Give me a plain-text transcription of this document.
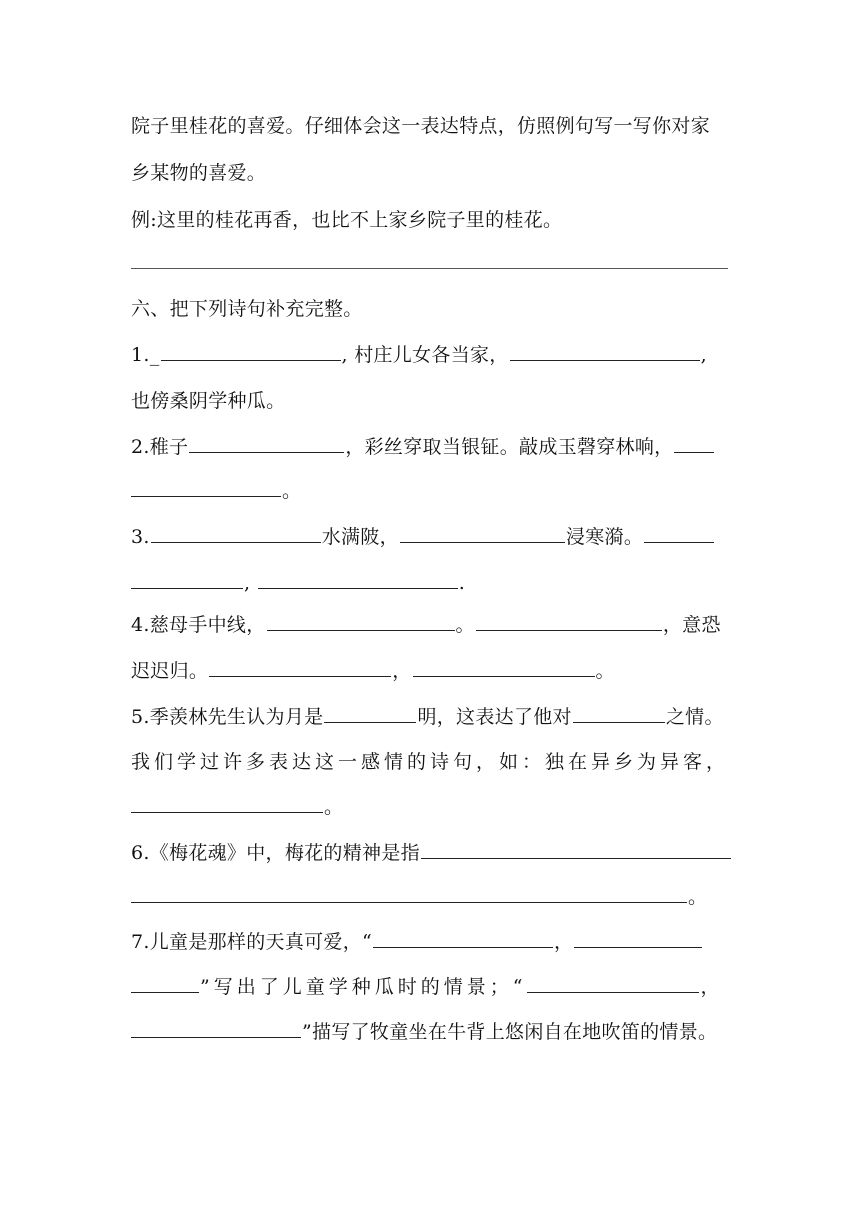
院子里桂花的喜爱。仔细体会这一表达特点，仿照例句写一写你对家
乡某物的喜爱。
例:这里的桂花再香，也比不上家乡院子里的桂花。
六、把下列诗句补充完整。
1._	, 村庄儿女各当家，	,
也傍桑阴学种瓜。
2.稚子	，彩丝穿取当银钲。敲成玉磬穿林响，
。
3.	水满陂，	浸寒漪。
,	.
4.慈母手中线，	。	，意恐
迟迟归。	，	。
5.季羡林先生认为月是	明，这表达了他对	之情。
我们学过许多表达这一感情的诗句，如：独在异乡为异客，
。
6.《梅花魂》中，梅花的精神是指
。
7.儿童是那样的天真可爱，“	，
”写出了儿童学种瓜时的情景；“	，
”描写了牧童坐在牛背上悠闲自在地吹笛的情景。
